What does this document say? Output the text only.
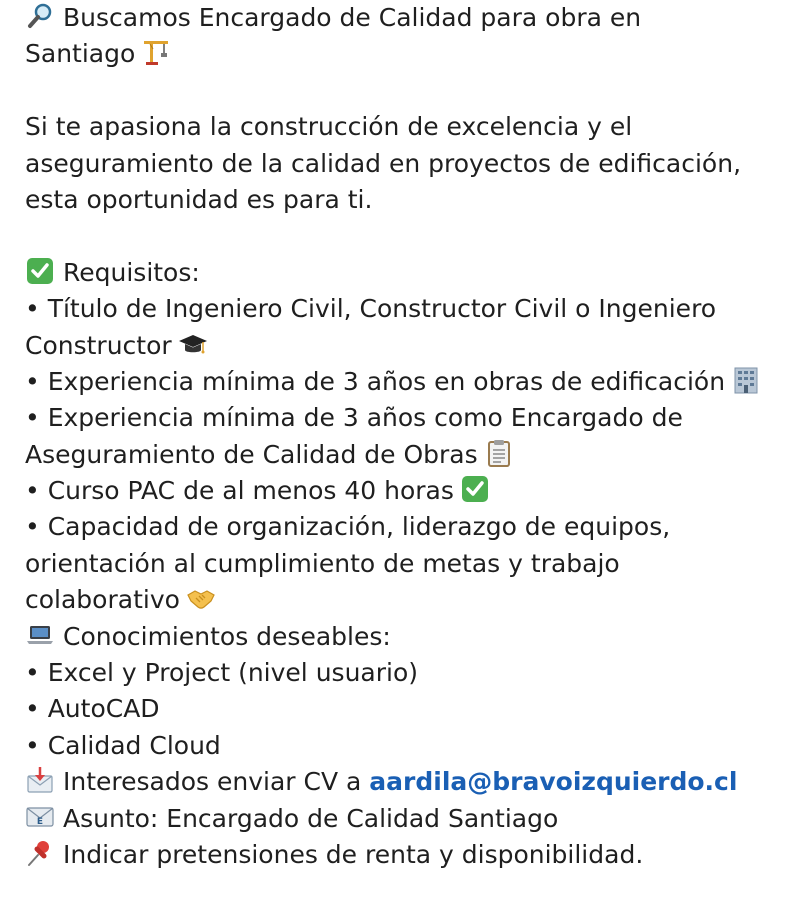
Buscamos Encargado de Calidad para obra en
Santiago
Si te apasiona la construcción de excelencia y el
aseguramiento de la calidad en proyectos de edificación,
esta oportunidad es para ti.
Requisitos:
• Título de Ingeniero Civil, Constructor Civil o Ingeniero
Constructor
• Experiencia mínima de 3 años en obras de edificación
• Experiencia mínima de 3 años como Encargado de
Aseguramiento de Calidad de Obras
• Curso PAC de al menos 40 horas
• Capacidad de organización, liderazgo de equipos,
orientación al cumplimiento de metas y trabajo
colaborativo
Conocimientos deseables:
• Excel y Project (nivel usuario)
• AutoCAD
• Calidad Cloud
Interesados enviar CV a aardila@bravoizquierdo.cl
E Asunto: Encargado de Calidad Santiago
Indicar pretensiones de renta y disponibilidad.
